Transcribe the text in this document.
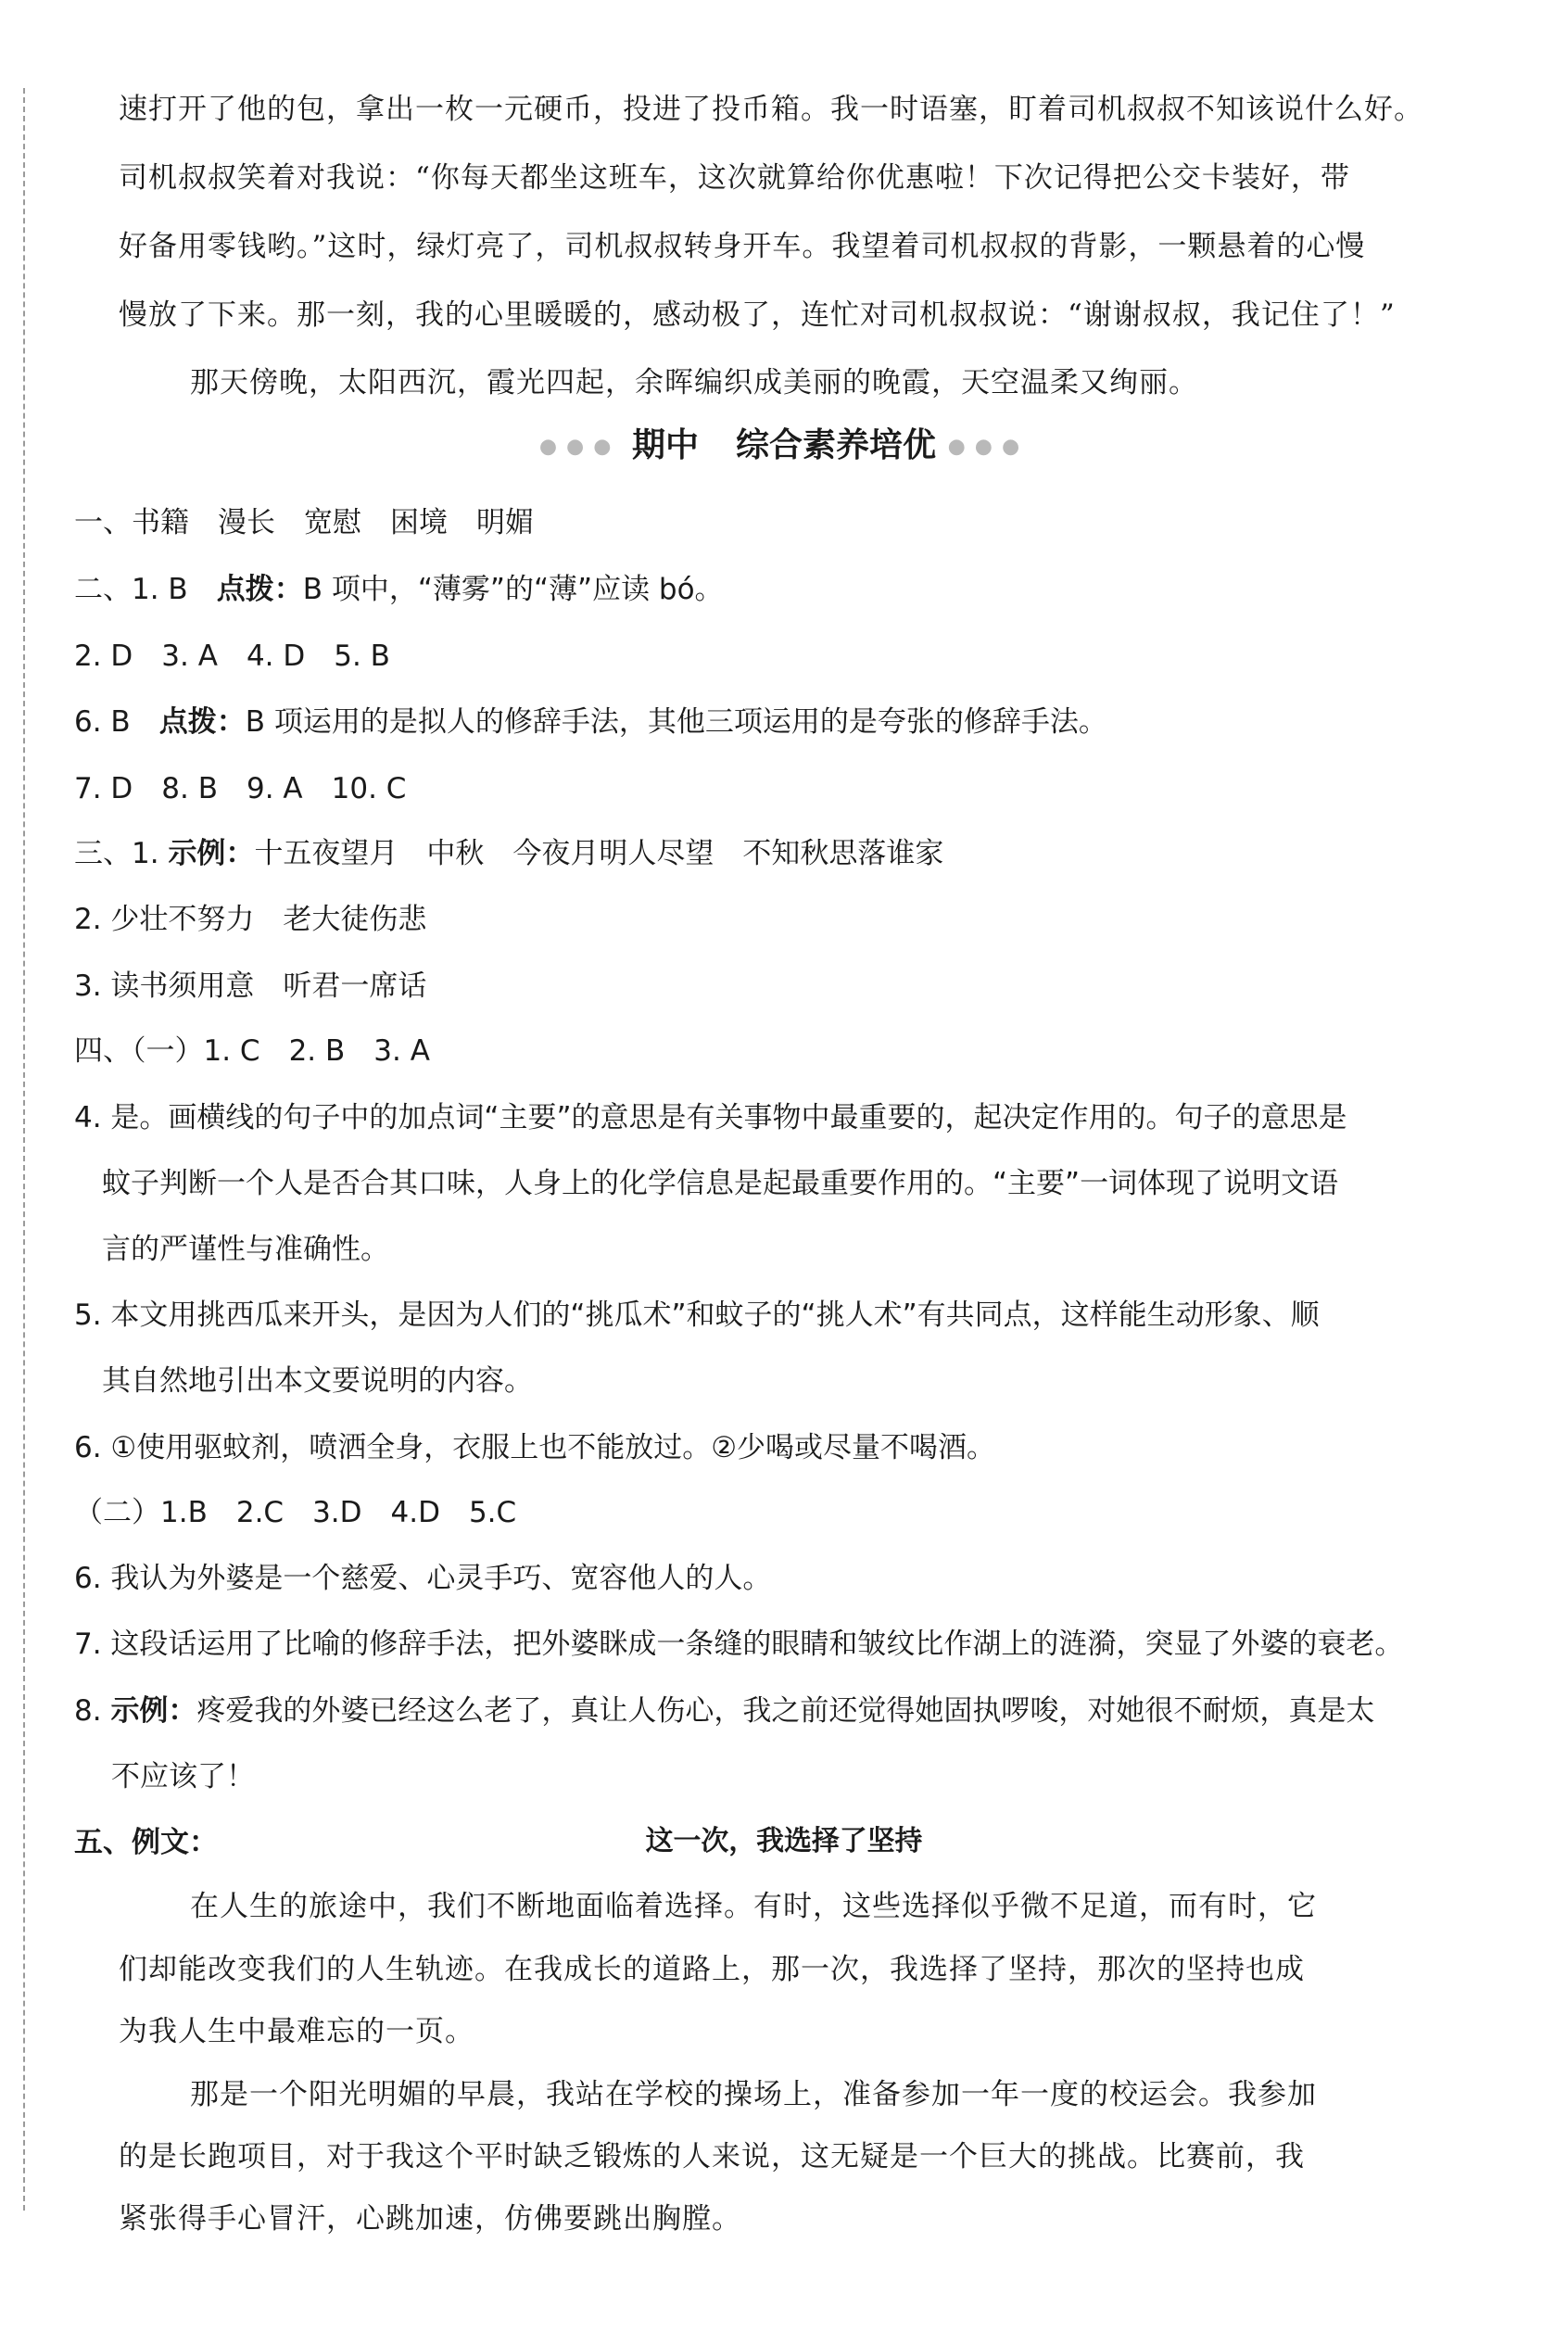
速打开了他的包，拿出一枚一元硬币，投进了投币箱。我一时语塞，盯着司机叔叔不知该说什么好。
司机叔叔笑着对我说：“你每天都坐这班车，这次就算给你优惠啦！下次记得把公交卡装好，带
好备用零钱哟。”这时，绿灯亮了，司机叔叔转身开车。我望着司机叔叔的背影，一颗悬着的心慢
慢放了下来。那一刻，我的心里暖暖的，感动极了，连忙对司机叔叔说：“谢谢叔叔，我记住了！”
那天傍晚，太阳西沉，霞光四起，余晖编织成美丽的晚霞，天空温柔又绚丽。
●●● 期中 综合素养培优 ●●●
一、书籍　漫长　宽慰　困境　明媚
二、1. B　点拨：B 项中，“薄雾”的“薄”应读 bó。
2. D　3. A　4. D　5. B
6. B　点拨：B 项运用的是拟人的修辞手法，其他三项运用的是夸张的修辞手法。
7. D　8. B　9. A　10. C
三、1. 示例：十五夜望月　中秋　今夜月明人尽望　不知秋思落谁家
2. 少壮不努力　老大徒伤悲
3. 读书须用意　听君一席话
四、（一）1. C　2. B　3. A
4. 是。画横线的句子中的加点词“主要”的意思是有关事物中最重要的，起决定作用的。句子的意思是
蚊子判断一个人是否合其口味，人身上的化学信息是起最重要作用的。“主要”一词体现了说明文语
言的严谨性与准确性。
5. 本文用挑西瓜来开头，是因为人们的“挑瓜术”和蚊子的“挑人术”有共同点，这样能生动形象、顺
其自然地引出本文要说明的内容。
6. ①使用驱蚊剂，喷洒全身，衣服上也不能放过。②少喝或尽量不喝酒。
（二）1.B　2.C　3.D　4.D　5.C
6. 我认为外婆是一个慈爱、心灵手巧、宽容他人的人。
7. 这段话运用了比喻的修辞手法，把外婆眯成一条缝的眼睛和皱纹比作湖上的涟漪，突显了外婆的衰老。
8. 示例：疼爱我的外婆已经这么老了，真让人伤心，我之前还觉得她固执啰唆，对她很不耐烦，真是太
不应该了！
五、例文：	这一次，我选择了坚持
在人生的旅途中，我们不断地面临着选择。有时，这些选择似乎微不足道，而有时，它
们却能改变我们的人生轨迹。在我成长的道路上，那一次，我选择了坚持，那次的坚持也成
为我人生中最难忘的一页。
那是一个阳光明媚的早晨，我站在学校的操场上，准备参加一年一度的校运会。我参加
的是长跑项目，对于我这个平时缺乏锻炼的人来说，这无疑是一个巨大的挑战。比赛前，我
紧张得手心冒汗，心跳加速，仿佛要跳出胸膛。
